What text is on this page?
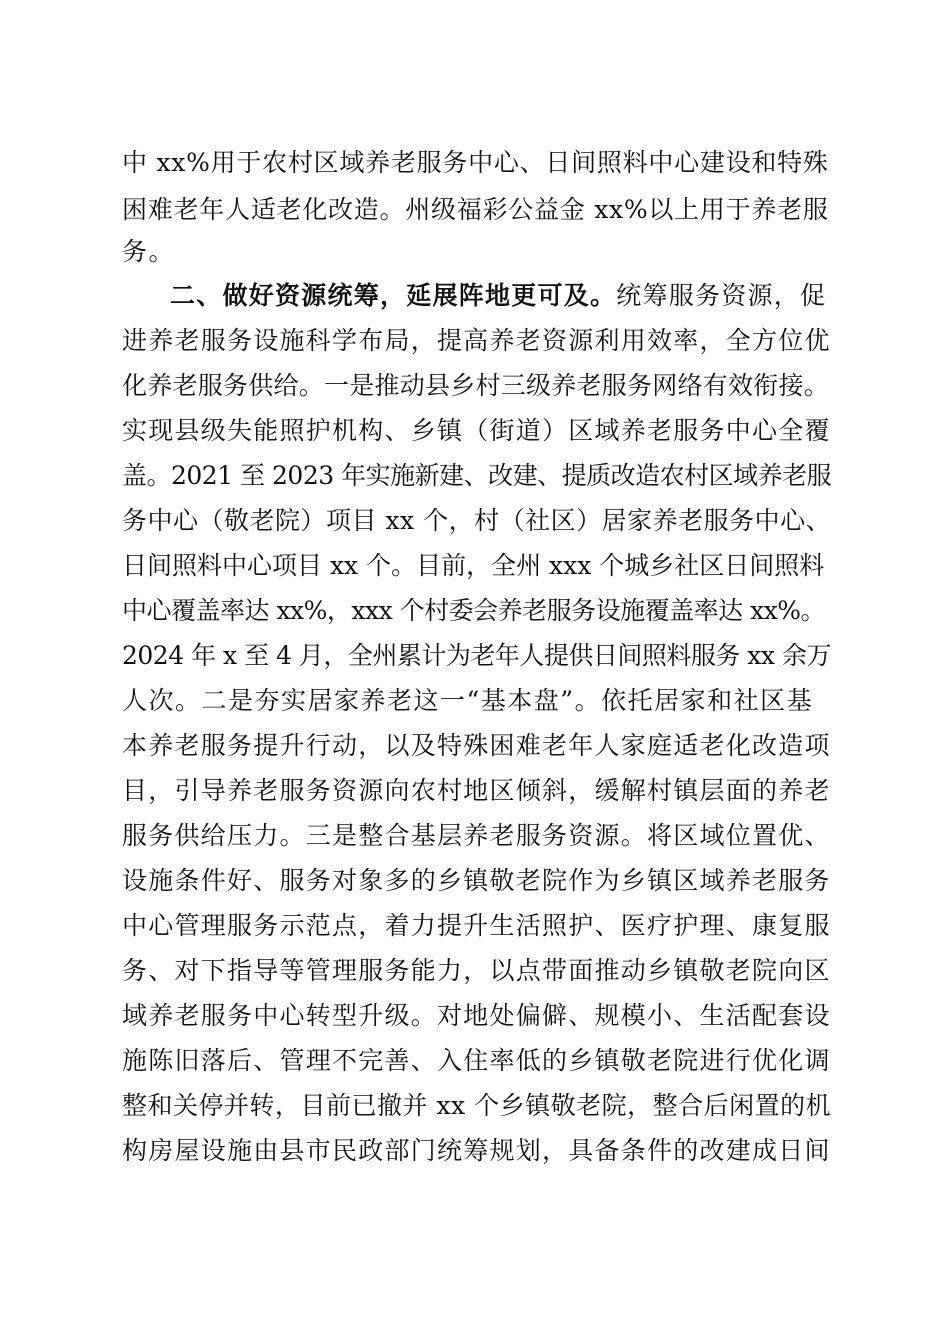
中 xx%用于农村区域养老服务中心、日间照料中心建设和特殊
困难老年人适老化改造。州级福彩公益金 xx%以上用于养老服
务。
二、做好资源统筹，延展阵地更可及。统筹服务资源，促
进养老服务设施科学布局，提高养老资源利用效率，全方位优
化养老服务供给。一是推动县乡村三级养老服务网络有效衔接。
实现县级失能照护机构、乡镇（街道）区域养老服务中心全覆
盖。2021 至 2023 年实施新建、改建、提质改造农村区域养老服
务中心（敬老院）项目 xx 个，村（社区）居家养老服务中心、
日间照料中心项目 xx 个。目前，全州 xxx 个城乡社区日间照料
中心覆盖率达 xx%，xxx 个村委会养老服务设施覆盖率达 xx%。
2024 年 x 至 4 月，全州累计为老年人提供日间照料服务 xx 余万
人次。二是夯实居家养老这一“基本盘”。依托居家和社区基
本养老服务提升行动，以及特殊困难老年人家庭适老化改造项
目，引导养老服务资源向农村地区倾斜，缓解村镇层面的养老
服务供给压力。三是整合基层养老服务资源。将区域位置优、
设施条件好、服务对象多的乡镇敬老院作为乡镇区域养老服务
中心管理服务示范点，着力提升生活照护、医疗护理、康复服
务、对下指导等管理服务能力，以点带面推动乡镇敬老院向区
域养老服务中心转型升级。对地处偏僻、规模小、生活配套设
施陈旧落后、管理不完善、入住率低的乡镇敬老院进行优化调
整和关停并转，目前已撤并 xx 个乡镇敬老院，整合后闲置的机
构房屋设施由县市民政部门统筹规划，具备条件的改建成日间
